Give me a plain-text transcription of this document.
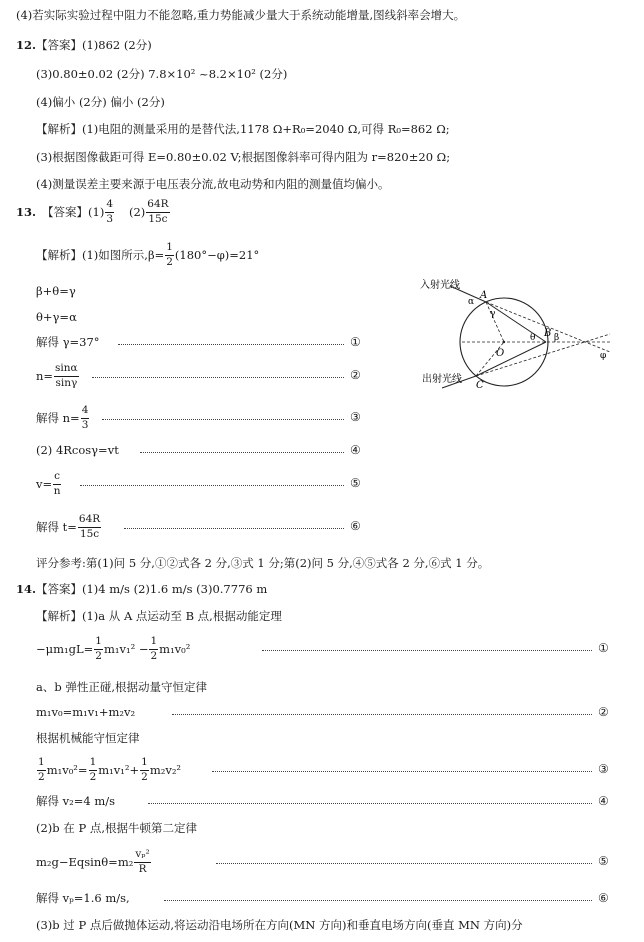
(4)若实际实验过程中阻力不能忽略,重力势能减少量大于系统动能增量,图线斜率会增大。
12. 【答案】(1)862 (2分)
(3)0.80±0.02 (2分) 7.8×10² ~8.2×10² (2分)
(4)偏小 (2分) 偏小 (2分)
【解析】(1)电阻的测量采用的是替代法,1178 Ω+R₀=2040 Ω,可得 R₀=862 Ω;
(3)根据图像截距可得 E=0.80±0.02 V;根据图像斜率可得内阻为 r=820±20 Ω;
(4)测量误差主要来源于电压表分流,故电动势和内阻的测量值均偏小。
13. 【答案】$(1) \frac{4}{3} (2) \frac{64R}{15c}$
【解析】(1)如图所示$,\beta= \frac{1}{2} (180^\circ-\varphi)=21^\circ$
β+θ=γ
θ+γ=α
解得 γ=37°	①
$n= \frac{\sin\alpha}{\sin\gamma}$	②
解得 $n= \frac{4}{3}$	③
(2) 4Rcosγ=vt	④
$v= \frac{c}{n}$	⑤
解得 $t= \frac{64R}{15c}$	⑥
入射光线
出射光线
A
B
C
O
α
γ
β
θ
φ
评分参考:第(1)问 5 分,①②式各 2 分,③式 1 分;第(2)问 5 分,④⑤式各 2 分,⑥式 1 分。
14. 【答案】(1)4 m/s (2)1.6 m/s (3)0.7776 m
【解析】(1)a 从 A 点运动至 B 点,根据动能定理
$-\mu m_1gL= \frac{1}{2} m_1v_1^2 - \frac{1}{2} m_1v_0^2$	①
a、b 弹性正碰,根据动量守恒定律
m₁v₀=m₁v₁+m₂v₂	②
根据机械能守恒定律
$\frac{1}{2} m_1v_0^2= \frac{1}{2} m_1v_1^2+ \frac{1}{2} m_2v_2^2$	③
解得 v₂=4 m/s	④
(2)b 在 P 点,根据牛顿第二定律
$m_2g-Eqsin\theta=m_2 \frac{\text{vₚ²}}{R}$	⑤
解得 vₚ=1.6 m/s,	⑥
(3)b 过 P 点后做抛体运动,将运动沿电场所在方向(MN 方向)和垂直电场方向(垂直 MN 方向)分
